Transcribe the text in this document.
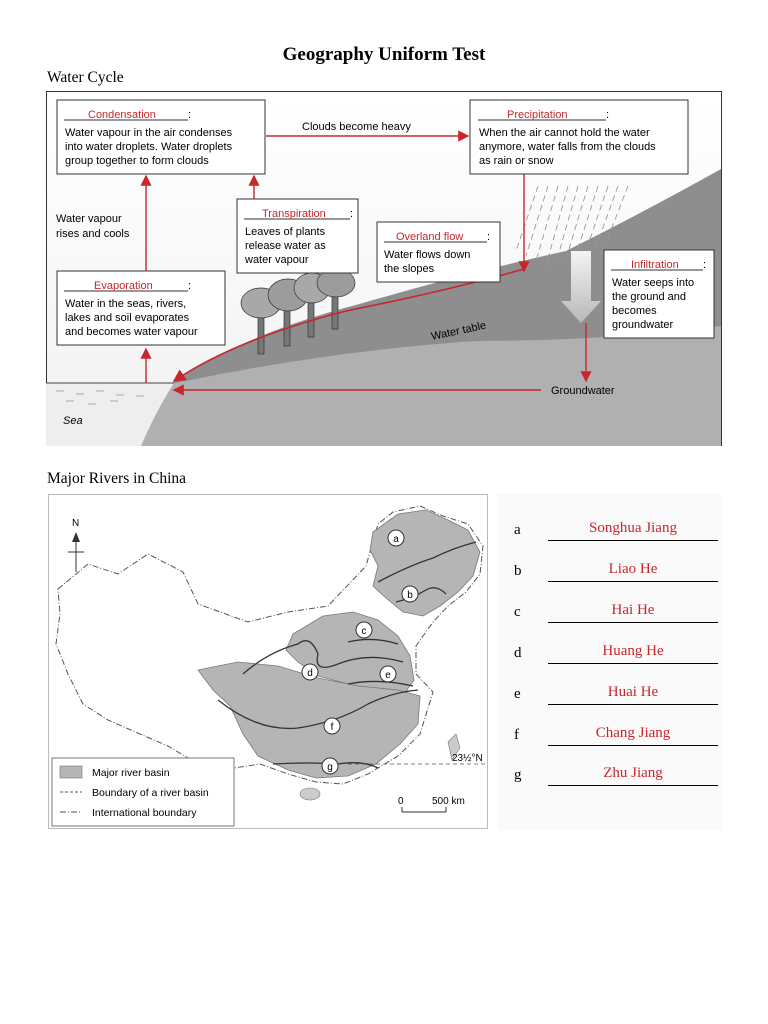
Geography Uniform Test
Water Cycle
Sea
Water table
Groundwater
Clouds become heavy
Water vapour rises and cools
Condensation	:
Water vapour in the air condenses into water droplets. Water droplets group together to form clouds
Precipitation	:
When the air cannot hold the water anymore, water falls from the clouds as rain or snow
Transpiration :
Leaves of plants release water as water vapour
Overland flow :
Water flows down the slopes	Infiltration :
Water seeps into the ground and becomes groundwater
Evaporation	:
Water in the seas, rivers, lakes and soil evaporates and becomes water vapour
Major Rivers in China
23½°N
N
a
b
c
d	e
f
g
0	500 km
Major river basin
Boundary of a river basin
International boundary
a	Songhua Jiang
b	Liao He
c	Hai He
d	Huang He
e	Huai He
f	Chang Jiang
g	Zhu Jiang
